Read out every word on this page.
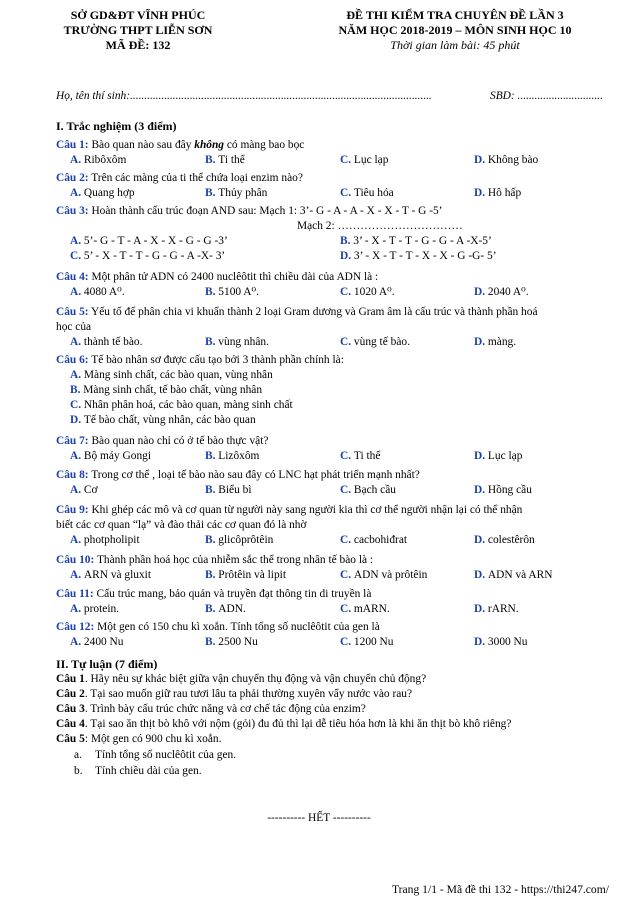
SỞ GD&ĐT VĨNH PHÚC
TRƯỜNG THPT LIỄN SƠN
MÃ ĐỀ: 132
ĐỀ THI KIỂM TRA CHUYÊN ĐỀ LẦN 3
NĂM HỌC 2018-2019 – MÔN SINH HỌC 10
Thời gian làm bài: 45 phút
Họ, tên thí sinh:..........................................................................................................	SBD: ..............................
I. Trắc nghiệm (3 điểm)
Câu 1: Bào quan nào sau đây không có màng bao bọc
A. Ribôxôm	B. Ti thể	C. Lục lạp	D. Không bào
Câu 2: Trên các màng của ti thể chứa loại enzim nào?
A. Quang hợp	B. Thủy phân	C. Tiêu hóa	D. Hô hấp
Câu 3: Hoàn thành cấu trúc đoạn AND sau: Mạch 1: 3’- G - A - A - X - X - T - G -5’
Mạch 2: ……………………………
A. 5’- G - T - A - X - X - G - G -3’	B. 3’ - X - T - T - G - G - A -X-5’
C. 5’ - X - T - T - G - G - A -X- 3’	D. 3’ - X - T - T - X - X - G -G- 5’
Câu 4: Một phân tử ADN có 2400 nuclêôtit thì chiều dài của ADN là :
A. 4080 A⁰.	B. 5100 A⁰.	C. 1020 A⁰.	D. 2040 A⁰.
Câu 5: Yếu tố để phân chia vi khuẩn thành 2 loại Gram dương và Gram âm là cấu trúc và thành phần hoá
học của
A. thành tế bào.	B. vùng nhân.	C. vùng tế bào.	D. màng.
Câu 6: Tế bào nhân sơ được cấu tạo bởi 3 thành phần chính là:
A. Màng sinh chất, các bào quan, vùng nhân
B. Màng sinh chất, tế bào chất, vùng nhân
C. Nhân phân hoá, các bào quan, màng sinh chất
D. Tế bào chất, vùng nhân, các bào quan
Câu 7: Bào quan nào chỉ có ở tế bào thực vật?
A. Bộ máy Gongi	B. Lizôxôm	C. Ti thể	D. Lục lạp
Câu 8: Trong cơ thể , loại tế bào nào sau đây có LNC hạt phát triển mạnh nhất?
A. Cơ	B. Biểu bì	C. Bạch cầu	D. Hồng cầu
Câu 9: Khi ghép các mô và cơ quan từ người này sang người kia thì cơ thể người nhận lại có thể nhận
biết các cơ quan “lạ” và đào thải các cơ quan đó là nhờ
A. photpholipit	B. glicôprôtêin	C. cacbohiđrat	D. colestêrôn
Câu 10: Thành phần hoá học của nhiễm sắc thể trong nhân tế bào là :
A. ARN và gluxit	B. Prôtêin và lipit	C. ADN và prôtêin	D. ADN và ARN
Câu 11: Cấu trúc mang, bảo quản và truyền đạt thông tin di truyền là
A. protein.	B. ADN.	C. mARN.	D. rARN.
Câu 12: Một gen có 150 chu kì xoắn. Tính tổng số nuclêôtit của gen là
A. 2400 Nu	B. 2500 Nu	C. 1200 Nu	D. 3000 Nu
II. Tự luận (7 điểm)
Câu 1. Hãy nêu sự khác biệt giữa vận chuyển thụ động và vận chuyển chủ động?
Câu 2. Tại sao muốn giữ rau tươi lâu ta phải thường xuyên vẩy nước vào rau?
Câu 3. Trình bày cấu trúc chức năng và cơ chế tác động của enzim?
Câu 4. Tại sao ăn thịt bò khô với nộm (gỏi) đu đủ thì lại dễ tiêu hóa hơn là khi ăn thịt bò khô riêng?
Câu 5: Một gen có 900 chu kì xoắn.
a. Tính tổng số nuclêôtit của gen.
b. Tính chiều dài của gen.
---------- HẾT ----------
Trang 1/1 - Mã đề thi 132 - https://thi247.com/
